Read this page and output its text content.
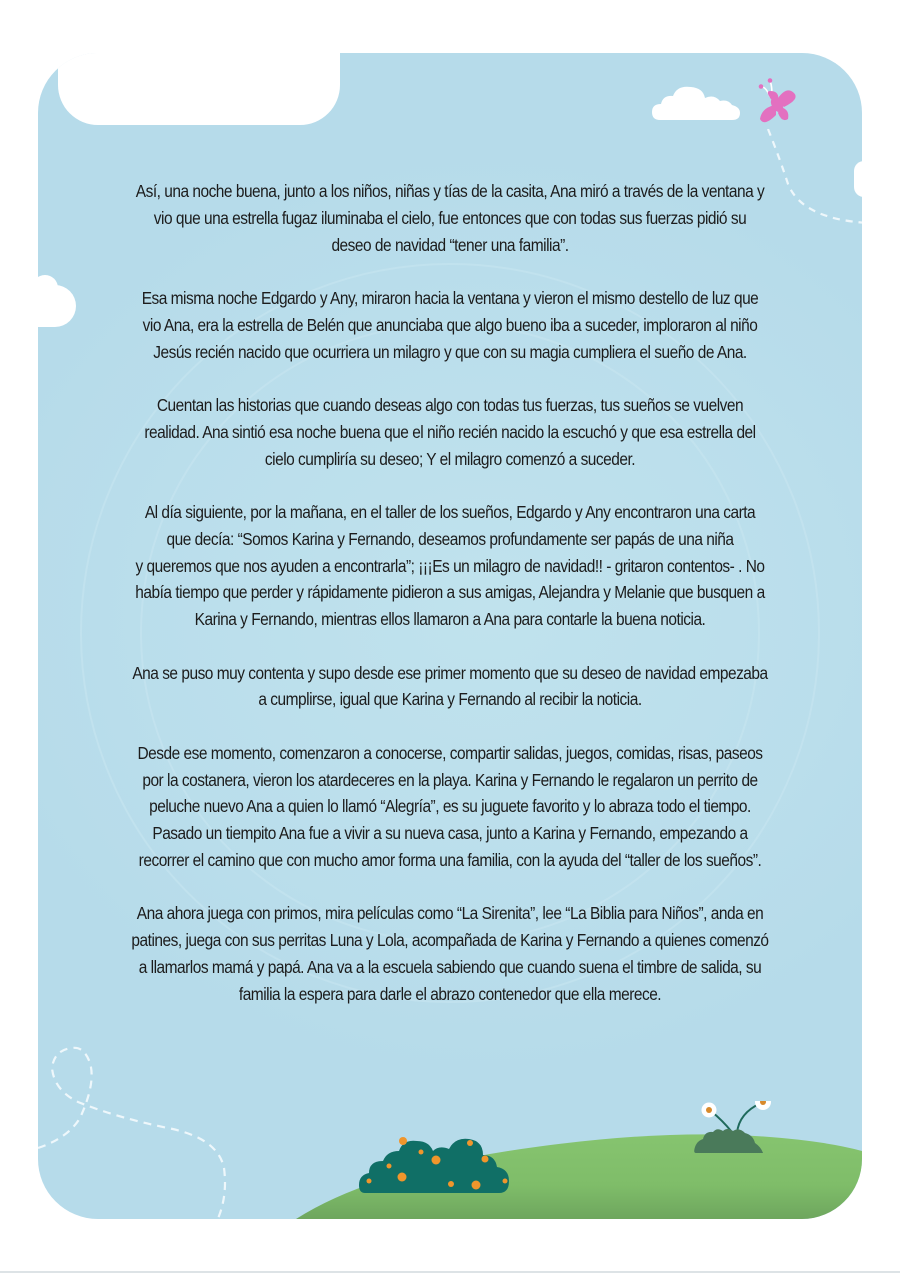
Así, una noche buena, junto a los niños, niñas y tías de la casita, Ana miró a través de la ventana y
vio que una estrella fugaz iluminaba el cielo, fue entonces que con todas sus fuerzas pidió su
deseo de navidad “tener una familia”.

Esa misma noche Edgardo y Any, miraron hacia la ventana y vieron el mismo destello de luz que
vio Ana, era la estrella de Belén que anunciaba que algo bueno iba a suceder, imploraron al niño
Jesús recién nacido que ocurriera un milagro y que con su magia cumpliera el sueño de Ana.

Cuentan las historias que cuando deseas algo con todas tus fuerzas, tus sueños se vuelven
realidad. Ana sintió esa noche buena que el niño recién nacido la escuchó y que esa estrella del
cielo cumpliría su deseo; Y el milagro comenzó a suceder.

Al día siguiente, por la mañana, en el taller de los sueños, Edgardo y Any encontraron una carta
que decía: “Somos Karina y Fernando, deseamos profundamente ser papás de una niña
y queremos que nos ayuden a encontrarla”; ¡¡¡Es un milagro de navidad!! - gritaron contentos- . No
había tiempo que perder y rápidamente pidieron a sus amigas, Alejandra y Melanie que busquen a
Karina y Fernando, mientras ellos llamaron a Ana para contarle la buena noticia.

Ana se puso muy contenta y supo desde ese primer momento que su deseo de navidad empezaba
a cumplirse, igual que Karina y Fernando al recibir la noticia.

Desde ese momento, comenzaron a conocerse, compartir salidas, juegos, comidas, risas, paseos
por la costanera, vieron los atardeceres en la playa. Karina y Fernando le regalaron un perrito de
peluche nuevo Ana a quien lo llamó “Alegría”, es su juguete favorito y lo abraza todo el tiempo.
Pasado un tiempito Ana fue a vivir a su nueva casa, junto a Karina y Fernando, empezando a
recorrer el camino que con mucho amor forma una familia, con la ayuda del “taller de los sueños”.

Ana ahora juega con primos, mira películas como “La Sirenita”, lee “La Biblia para Niños”, anda en
patines, juega con sus perritas Luna y Lola, acompañada de Karina y Fernando a quienes comenzó
a llamarlos mamá y papá. Ana va a la escuela sabiendo que cuando suena el timbre de salida, su
familia la espera para darle el abrazo contenedor que ella merece.
